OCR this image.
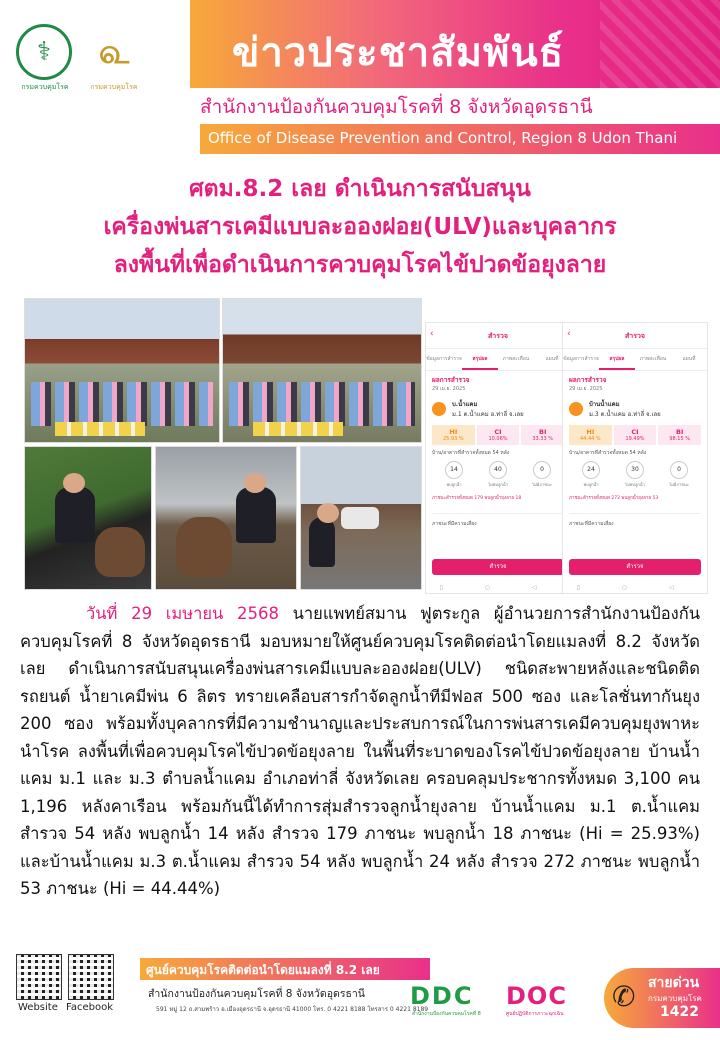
⚕
กรมควบคุมโรค
௳
กรมควบคุมโรค
ข่าวประชาสัมพันธ์
สำนักงานป้องกันควบคุมโรคที่ 8 จังหวัดอุดรธานี
Office of Disease Prevention and Control, Region 8 Udon Thani
ศตม.8.2 เลย ดำเนินการสนับสนุน
เครื่องพ่นสารเคมีแบบละอองฝอย(ULV)และบุคลากร
ลงพื้นที่เพื่อดำเนินการควบคุมโรคไข้ปวดข้อยุงลาย
‹	สำรวจ
ข้อมูลการสำรวจ	สรุปผล	ภาพสะเทือน	แผนที่
ผลการสำรวจ
29 เม.ย. 2025
บ.น้ำแคม
ม.1 ต.น้ำแคม อ.ท่าลี่ จ.เลย
HI
25.93 %
CI
10.06%
BI
33.33 %
บ้าน/อาคารที่สำรวจทั้งหมด 54 หลัง
14
พบลูกน้ำ
40
ไม่พบลูกน้ำ
0
ไม่มีภาชนะ
ภาชนะสำรวจทั้งหมด 179 พบลูกน้ำยุงลาย 18
ภาชนะที่มีความเสี่ยง
สำรวจ
▯ ○ ◁
‹	สำรวจ
ข้อมูลการสำรวจ	สรุปผล	ภาพสะเทือน	แผนที่
ผลการสำรวจ
29 เม.ย. 2025
บ้านน้ำแคม
ม.3 ต.น้ำแคม อ.ท่าลี่ จ.เลย
HI
44.44 %
CI
19.49%
BI
98.15 %
บ้าน/อาคารที่สำรวจทั้งหมด 54 หลัง
24
พบลูกน้ำ
30
ไม่พบลูกน้ำ
0
ไม่มีภาชนะ
ภาชนะสำรวจทั้งหมด 272 พบลูกน้ำยุงลาย 53
ภาชนะที่มีความเสี่ยง
สำรวจ
▯ ○ ◁
วันที่ 29 เมษายน 2568 นายแพทย์สมาน ฟูตระกูล ผู้อำนวยการสำนักงานป้องกันควบคุมโรคที่ 8 จังหวัดอุดรธานี มอบหมายให้ศูนย์ควบคุมโรคติดต่อนำโดยแมลงที่ 8.2 จังหวัดเลย ดำเนินการสนับสนุนเครื่องพ่นสารเคมีแบบละอองฝอย(ULV) ชนิดสะพายหลังและชนิดติดรถยนต์ น้ำยาเคมีพ่น 6 ลิตร ทรายเคลือบสารกำจัดลูกน้ำทีมีฟอส 500 ซอง และโลชั่นทากันยุง 200 ซอง พร้อมทั้งบุคลากรที่มีความชำนาญและประสบการณ์ในการพ่นสารเคมีควบคุมยุงพาหะนำโรค ลงพื้นที่เพื่อควบคุมโรคไข้ปวดข้อยุงลาย ในพื้นที่ระบาดของโรคไข้ปวดข้อยุงลาย บ้านน้ำแคม ม.1 และ ม.3 ตำบลน้ำแคม อำเภอท่าลี่ จังหวัดเลย ครอบคลุมประชากรทั้งหมด 3,100 คน 1,196 หลังคาเรือน พร้อมกันนี้ได้ทำการสุ่มสำรวจลูกน้ำยุงลาย บ้านน้ำแคม ม.1 ต.น้ำแคม สำรวจ 54 หลัง พบลูกน้ำ 14 หลัง สำรวจ 179 ภาชนะ พบลูกน้ำ 18 ภาชนะ (Hi = 25.93%) และบ้านน้ำแคม ม.3 ต.น้ำแคม สำรวจ 54 หลัง พบลูกน้ำ 24 หลัง สำรวจ 272 ภาชนะ พบลูกน้ำ 53 ภาชนะ (Hi = 44.44%)
Website Facebook
ศูนย์ควบคุมโรคติดต่อนำโดยแมลงที่ 8.2 เลย
สำนักงานป้องกันควบคุมโรคที่ 8 จังหวัดอุดรธานี
591 หมู่ 12 ถ.สามพร้าว อ.เมืองอุดรธานี จ.อุดรธานี 41000 โทร. 0 4221 8188 โทรสาร 0 4221 8189
DDC
สำนักงานป้องกันควบคุมโรคที่ 8
DOC
ศูนย์ปฏิบัติการภาวะฉุกเฉิน
✆ สายด่วน
กรมควบคุมโรค
1422
